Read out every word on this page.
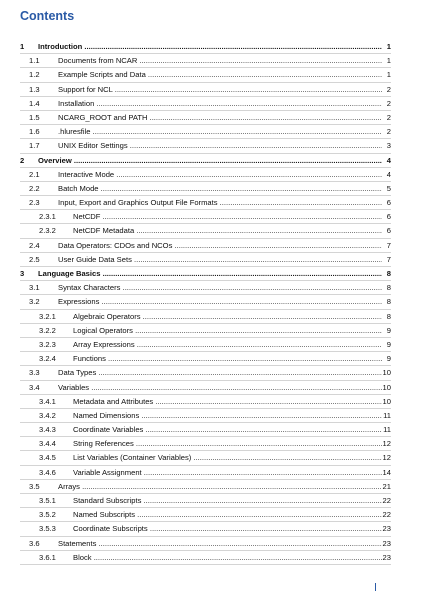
Contents
1 Introduction .....	1
1.1 Documents from NCAR .....	1
1.2 Example Scripts and Data .....	1
1.3 Support for NCL .....	2
1.4 Installation .....	2
1.5 NCARG_ROOT and PATH .....	2
1.6 .hluresfile .....	2
1.7 UNIX Editor Settings .....	3
2 Overview .....	4
2.1 Interactive Mode .....	4
2.2 Batch Mode .....	5
2.3 Input, Export and Graphics Output File Formats .....	6
2.3.1 NetCDF .....	6
2.3.2 NetCDF Metadata .....	6
2.4 Data Operators: CDOs and NCOs .....	7
2.5 User Guide Data Sets .....	7
3 Language Basics .....	8
3.1 Syntax Characters .....	8
3.2 Expressions .....	8
3.2.1 Algebraic Operators .....	8
3.2.2 Logical Operators .....	9
3.2.3 Array Expressions .....	9
3.2.4 Functions .....	9
3.3 Data Types .....	10
3.4 Variables .....	10
3.4.1 Metadata and Attributes .....	10
3.4.2 Named Dimensions .....	11
3.4.3 Coordinate Variables .....	11
3.4.4 String References .....	12
3.4.5 List Variables (Container Variables) .....	12
3.4.6 Variable Assignment .....	14
3.5 Arrays .....	21
3.5.1 Standard Subscripts .....	22
3.5.2 Named Subscripts .....	22
3.5.3 Coordinate Subscripts .....	23
3.6 Statements .....	23
3.6.1 Block .....	23
